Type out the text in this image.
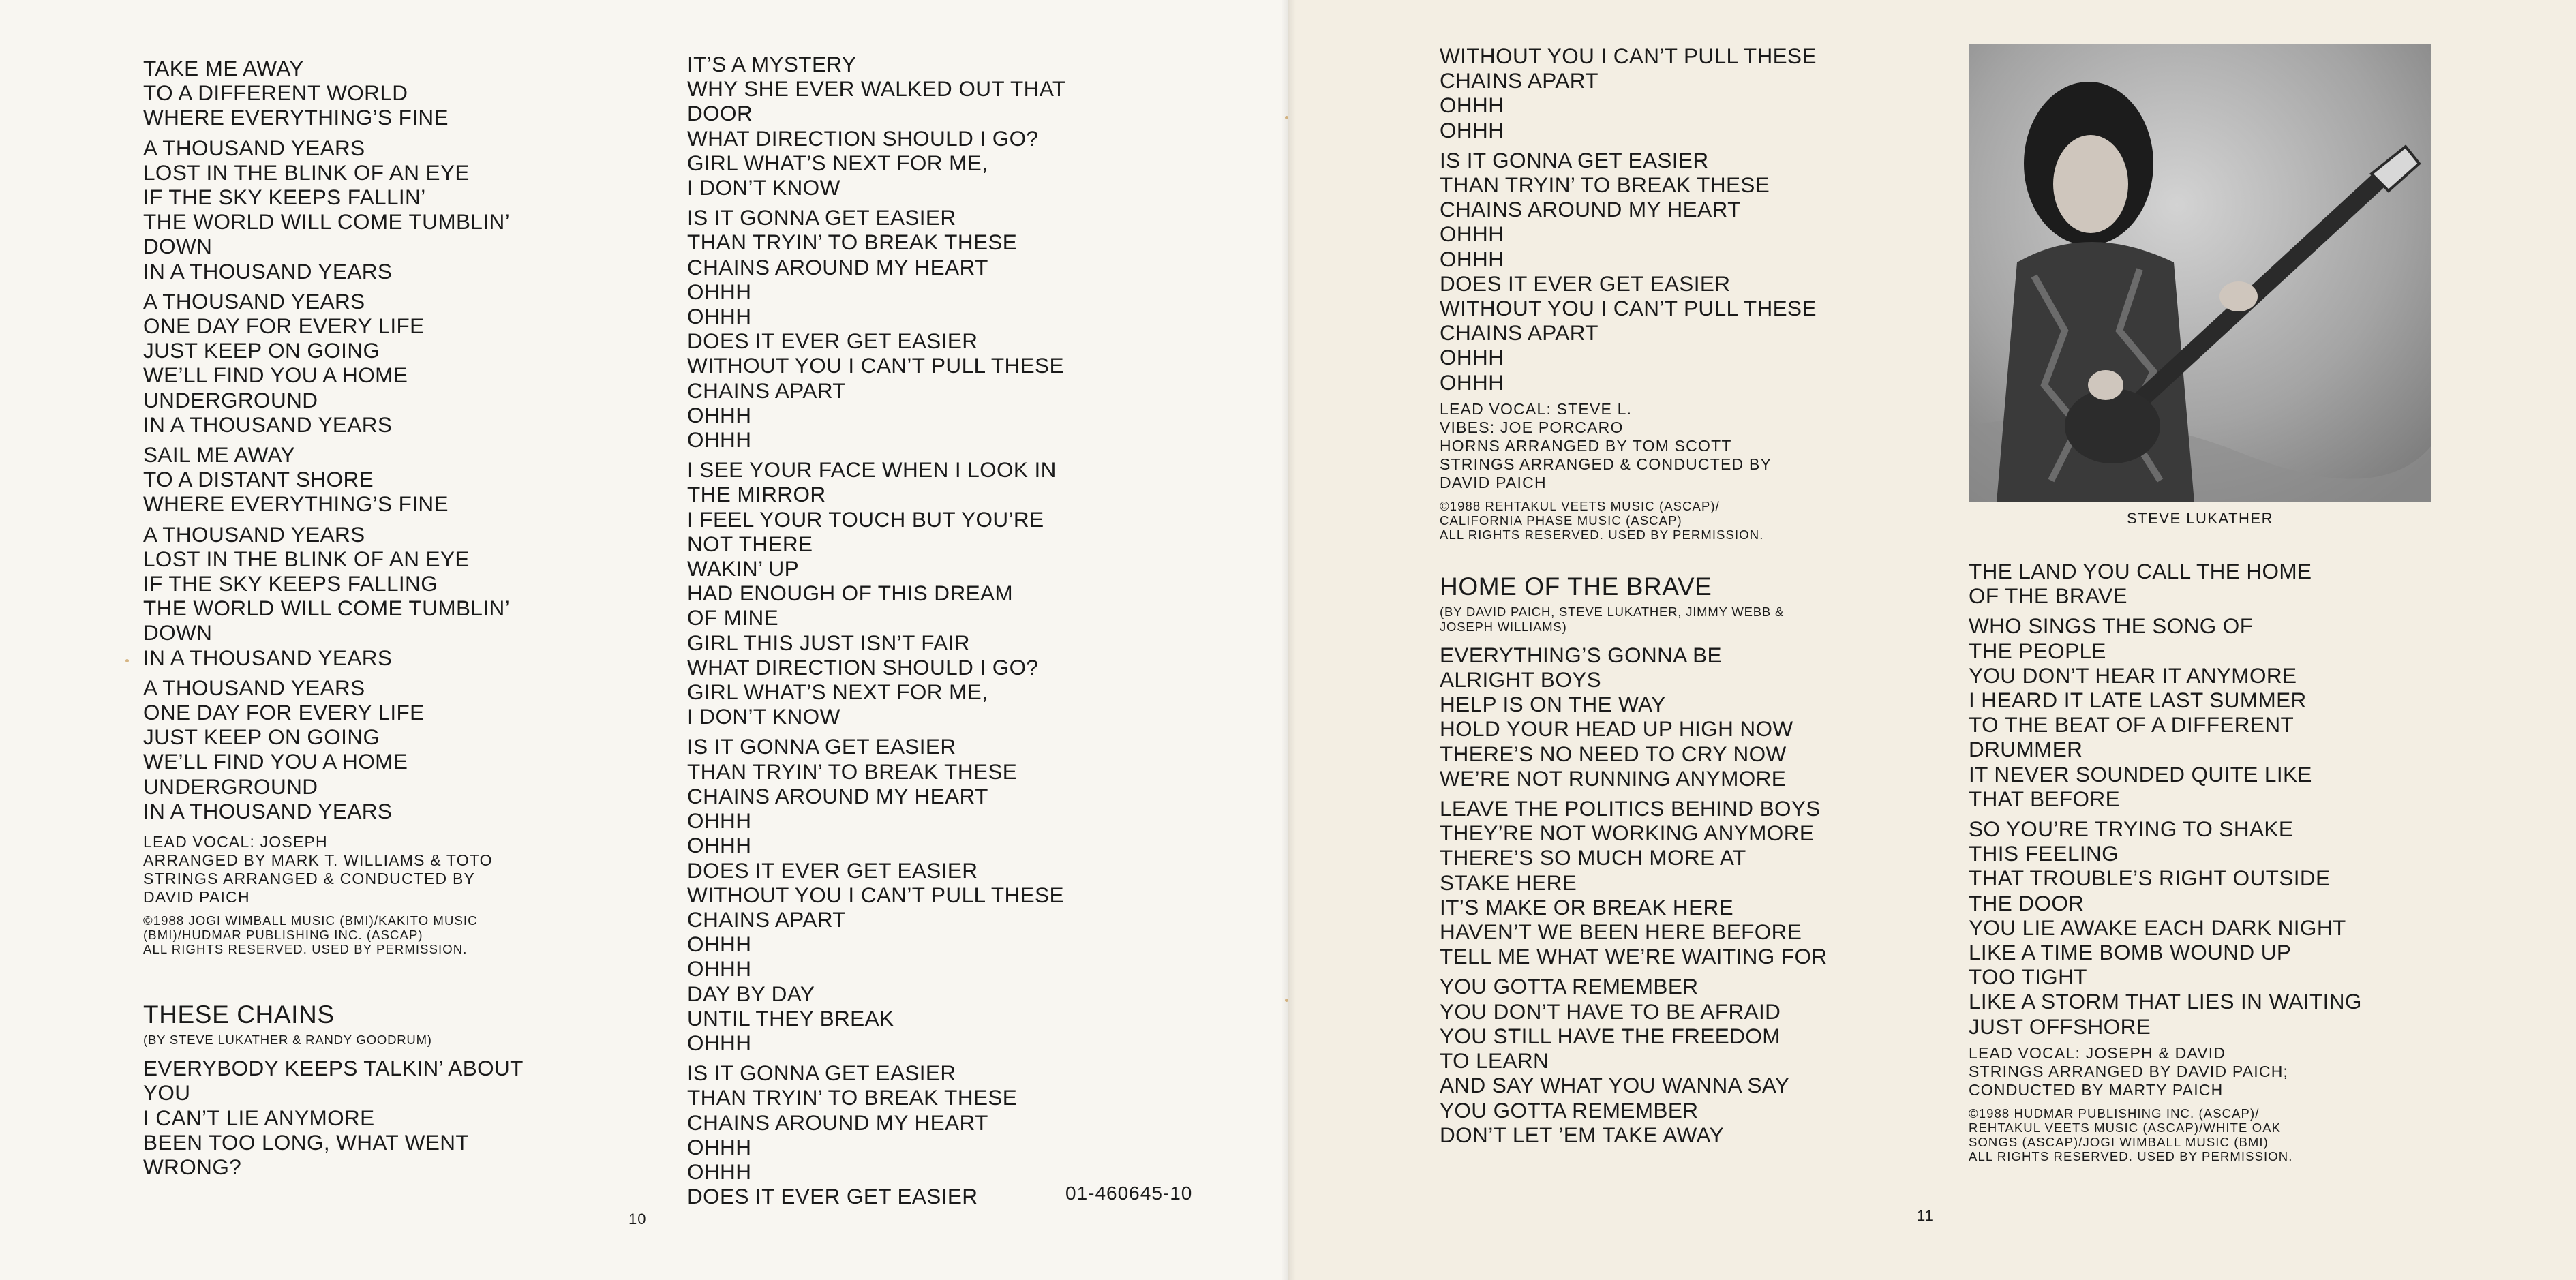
TAKE ME AWAY
TO A DIFFERENT WORLD
WHERE EVERYTHING’S FINE
A THOUSAND YEARS
LOST IN THE BLINK OF AN EYE
IF THE SKY KEEPS FALLIN’
THE WORLD WILL COME TUMBLIN’
DOWN
IN A THOUSAND YEARS
A THOUSAND YEARS
ONE DAY FOR EVERY LIFE
JUST KEEP ON GOING
WE’LL FIND YOU A HOME
UNDERGROUND
IN A THOUSAND YEARS
SAIL ME AWAY
TO A DISTANT SHORE
WHERE EVERYTHING’S FINE
A THOUSAND YEARS
LOST IN THE BLINK OF AN EYE
IF THE SKY KEEPS FALLING
THE WORLD WILL COME TUMBLIN’
DOWN
IN A THOUSAND YEARS
A THOUSAND YEARS
ONE DAY FOR EVERY LIFE
JUST KEEP ON GOING
WE’LL FIND YOU A HOME
UNDERGROUND
IN A THOUSAND YEARS
LEAD VOCAL: JOSEPH
ARRANGED BY MARK T. WILLIAMS & TOTO
STRINGS ARRANGED & CONDUCTED BY
DAVID PAICH
©1988 JOGI WIMBALL MUSIC (BMI)/KAKITO MUSIC
(BMI)/HUDMAR PUBLISHING INC. (ASCAP)
ALL RIGHTS RESERVED. USED BY PERMISSION.
THESE CHAINS
(BY STEVE LUKATHER & RANDY GOODRUM)
EVERYBODY KEEPS TALKIN’ ABOUT
YOU
I CAN’T LIE ANYMORE
BEEN TOO LONG, WHAT WENT
WRONG?
IT’S A MYSTERY
WHY SHE EVER WALKED OUT THAT
DOOR
WHAT DIRECTION SHOULD I GO?
GIRL WHAT’S NEXT FOR ME,
I DON’T KNOW
IS IT GONNA GET EASIER
THAN TRYIN’ TO BREAK THESE
CHAINS AROUND MY HEART
OHHH
OHHH
DOES IT EVER GET EASIER
WITHOUT YOU I CAN’T PULL THESE
CHAINS APART
OHHH
OHHH
I SEE YOUR FACE WHEN I LOOK IN
THE MIRROR
I FEEL YOUR TOUCH BUT YOU’RE
NOT THERE
WAKIN’ UP
HAD ENOUGH OF THIS DREAM
OF MINE
GIRL THIS JUST ISN’T FAIR
WHAT DIRECTION SHOULD I GO?
GIRL WHAT’S NEXT FOR ME,
I DON’T KNOW
IS IT GONNA GET EASIER
THAN TRYIN’ TO BREAK THESE
CHAINS AROUND MY HEART
OHHH
OHHH
DOES IT EVER GET EASIER
WITHOUT YOU I CAN’T PULL THESE
CHAINS APART
OHHH
OHHH
DAY BY DAY
UNTIL THEY BREAK
OHHH
IS IT GONNA GET EASIER
THAN TRYIN’ TO BREAK THESE
CHAINS AROUND MY HEART
OHHH
OHHH
DOES IT EVER GET EASIER
WITHOUT YOU I CAN’T PULL THESE
CHAINS APART
OHHH
OHHH
IS IT GONNA GET EASIER
THAN TRYIN’ TO BREAK THESE
CHAINS AROUND MY HEART
OHHH
OHHH
DOES IT EVER GET EASIER
WITHOUT YOU I CAN’T PULL THESE
CHAINS APART
OHHH
OHHH
LEAD VOCAL: STEVE L.
VIBES: JOE PORCARO
HORNS ARRANGED BY TOM SCOTT
STRINGS ARRANGED & CONDUCTED BY
DAVID PAICH
©1988 REHTAKUL VEETS MUSIC (ASCAP)/
CALIFORNIA PHASE MUSIC (ASCAP)
ALL RIGHTS RESERVED. USED BY PERMISSION.
HOME OF THE BRAVE
(BY DAVID PAICH, STEVE LUKATHER, JIMMY WEBB &
JOSEPH WILLIAMS)
EVERYTHING’S GONNA BE
ALRIGHT BOYS
HELP IS ON THE WAY
HOLD YOUR HEAD UP HIGH NOW
THERE’S NO NEED TO CRY NOW
WE’RE NOT RUNNING ANYMORE
LEAVE THE POLITICS BEHIND BOYS
THEY’RE NOT WORKING ANYMORE
THERE’S SO MUCH MORE AT
STAKE HERE
IT’S MAKE OR BREAK HERE
HAVEN’T WE BEEN HERE BEFORE
TELL ME WHAT WE’RE WAITING FOR
YOU GOTTA REMEMBER
YOU DON’T HAVE TO BE AFRAID
YOU STILL HAVE THE FREEDOM
TO LEARN
AND SAY WHAT YOU WANNA SAY
YOU GOTTA REMEMBER
DON’T LET ’EM TAKE AWAY
STEVE LUKATHER
THE LAND YOU CALL THE HOME
OF THE BRAVE
WHO SINGS THE SONG OF
THE PEOPLE
YOU DON’T HEAR IT ANYMORE
I HEARD IT LATE LAST SUMMER
TO THE BEAT OF A DIFFERENT
DRUMMER
IT NEVER SOUNDED QUITE LIKE
THAT BEFORE
SO YOU’RE TRYING TO SHAKE
THIS FEELING
THAT TROUBLE’S RIGHT OUTSIDE
THE DOOR
YOU LIE AWAKE EACH DARK NIGHT
LIKE A TIME BOMB WOUND UP
TOO TIGHT
LIKE A STORM THAT LIES IN WAITING
JUST OFFSHORE
LEAD VOCAL: JOSEPH & DAVID
STRINGS ARRANGED BY DAVID PAICH;
CONDUCTED BY MARTY PAICH
©1988 HUDMAR PUBLISHING INC. (ASCAP)/
REHTAKUL VEETS MUSIC (ASCAP)/WHITE OAK
SONGS (ASCAP)/JOGI WIMBALL MUSIC (BMI)
ALL RIGHTS RESERVED. USED BY PERMISSION.
10
01-460645-10
11
